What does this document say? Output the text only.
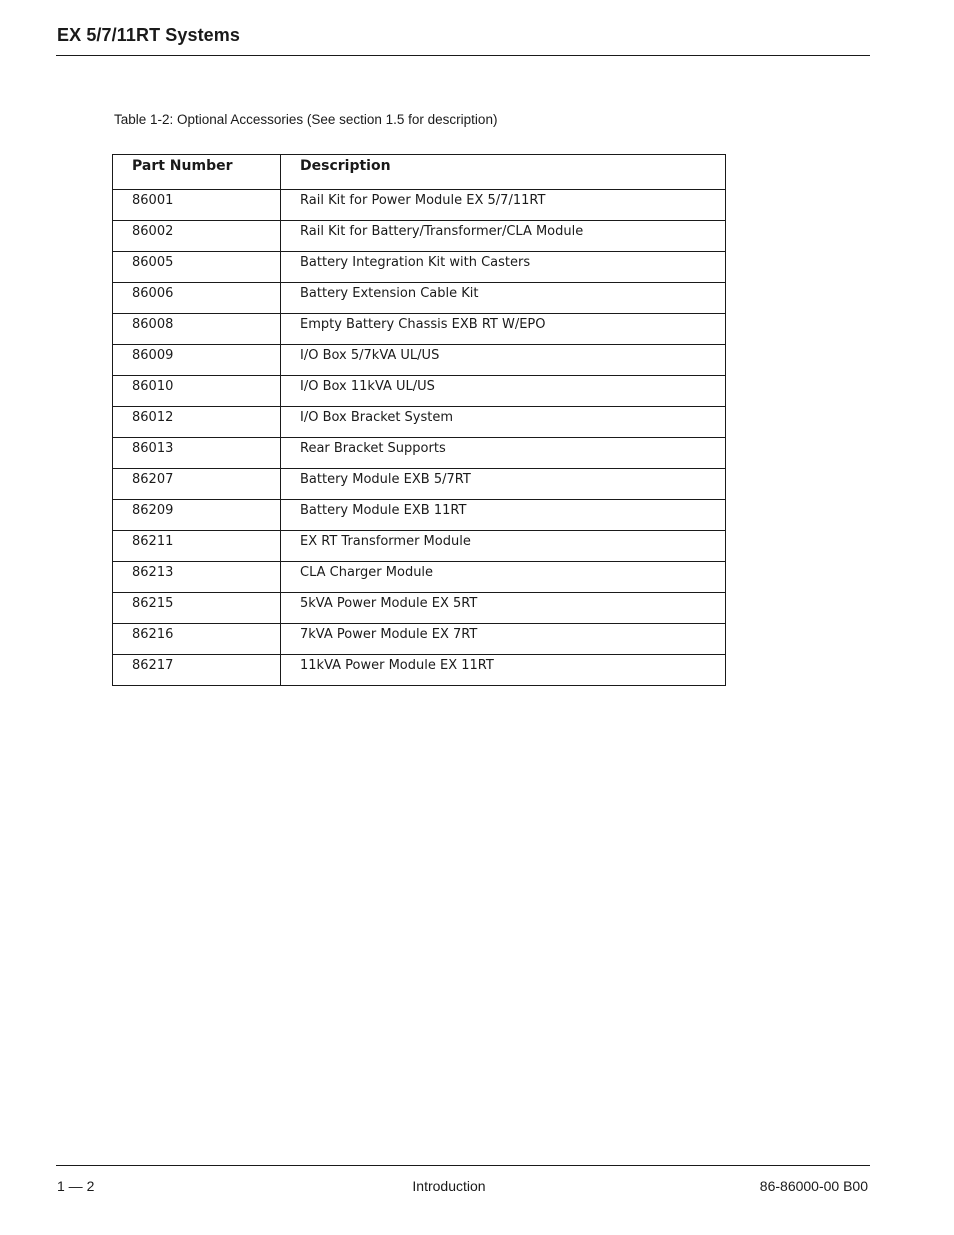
EX 5/7/11RT Systems
Table 1-2: Optional Accessories (See section 1.5 for description)
Part Number	Description
86001	Rail Kit for Power Module EX 5/7/11RT
86002	Rail Kit for Battery/Transformer/CLA Module
86005	Battery Integration Kit with Casters
86006	Battery Extension Cable Kit
86008	Empty Battery Chassis EXB RT W/EPO
86009	I/O Box 5/7kVA UL/US
86010	I/O Box 11kVA UL/US
86012	I/O Box Bracket System
86013	Rear Bracket Supports
86207	Battery Module EXB 5/7RT
86209	Battery Module EXB 11RT
86211	EX RT Transformer Module
86213	CLA Charger Module
86215	5kVA Power Module EX 5RT
86216	7kVA Power Module EX 7RT
86217	11kVA Power Module EX 11RT
1 — 2	Introduction	86-86000-00 B00
